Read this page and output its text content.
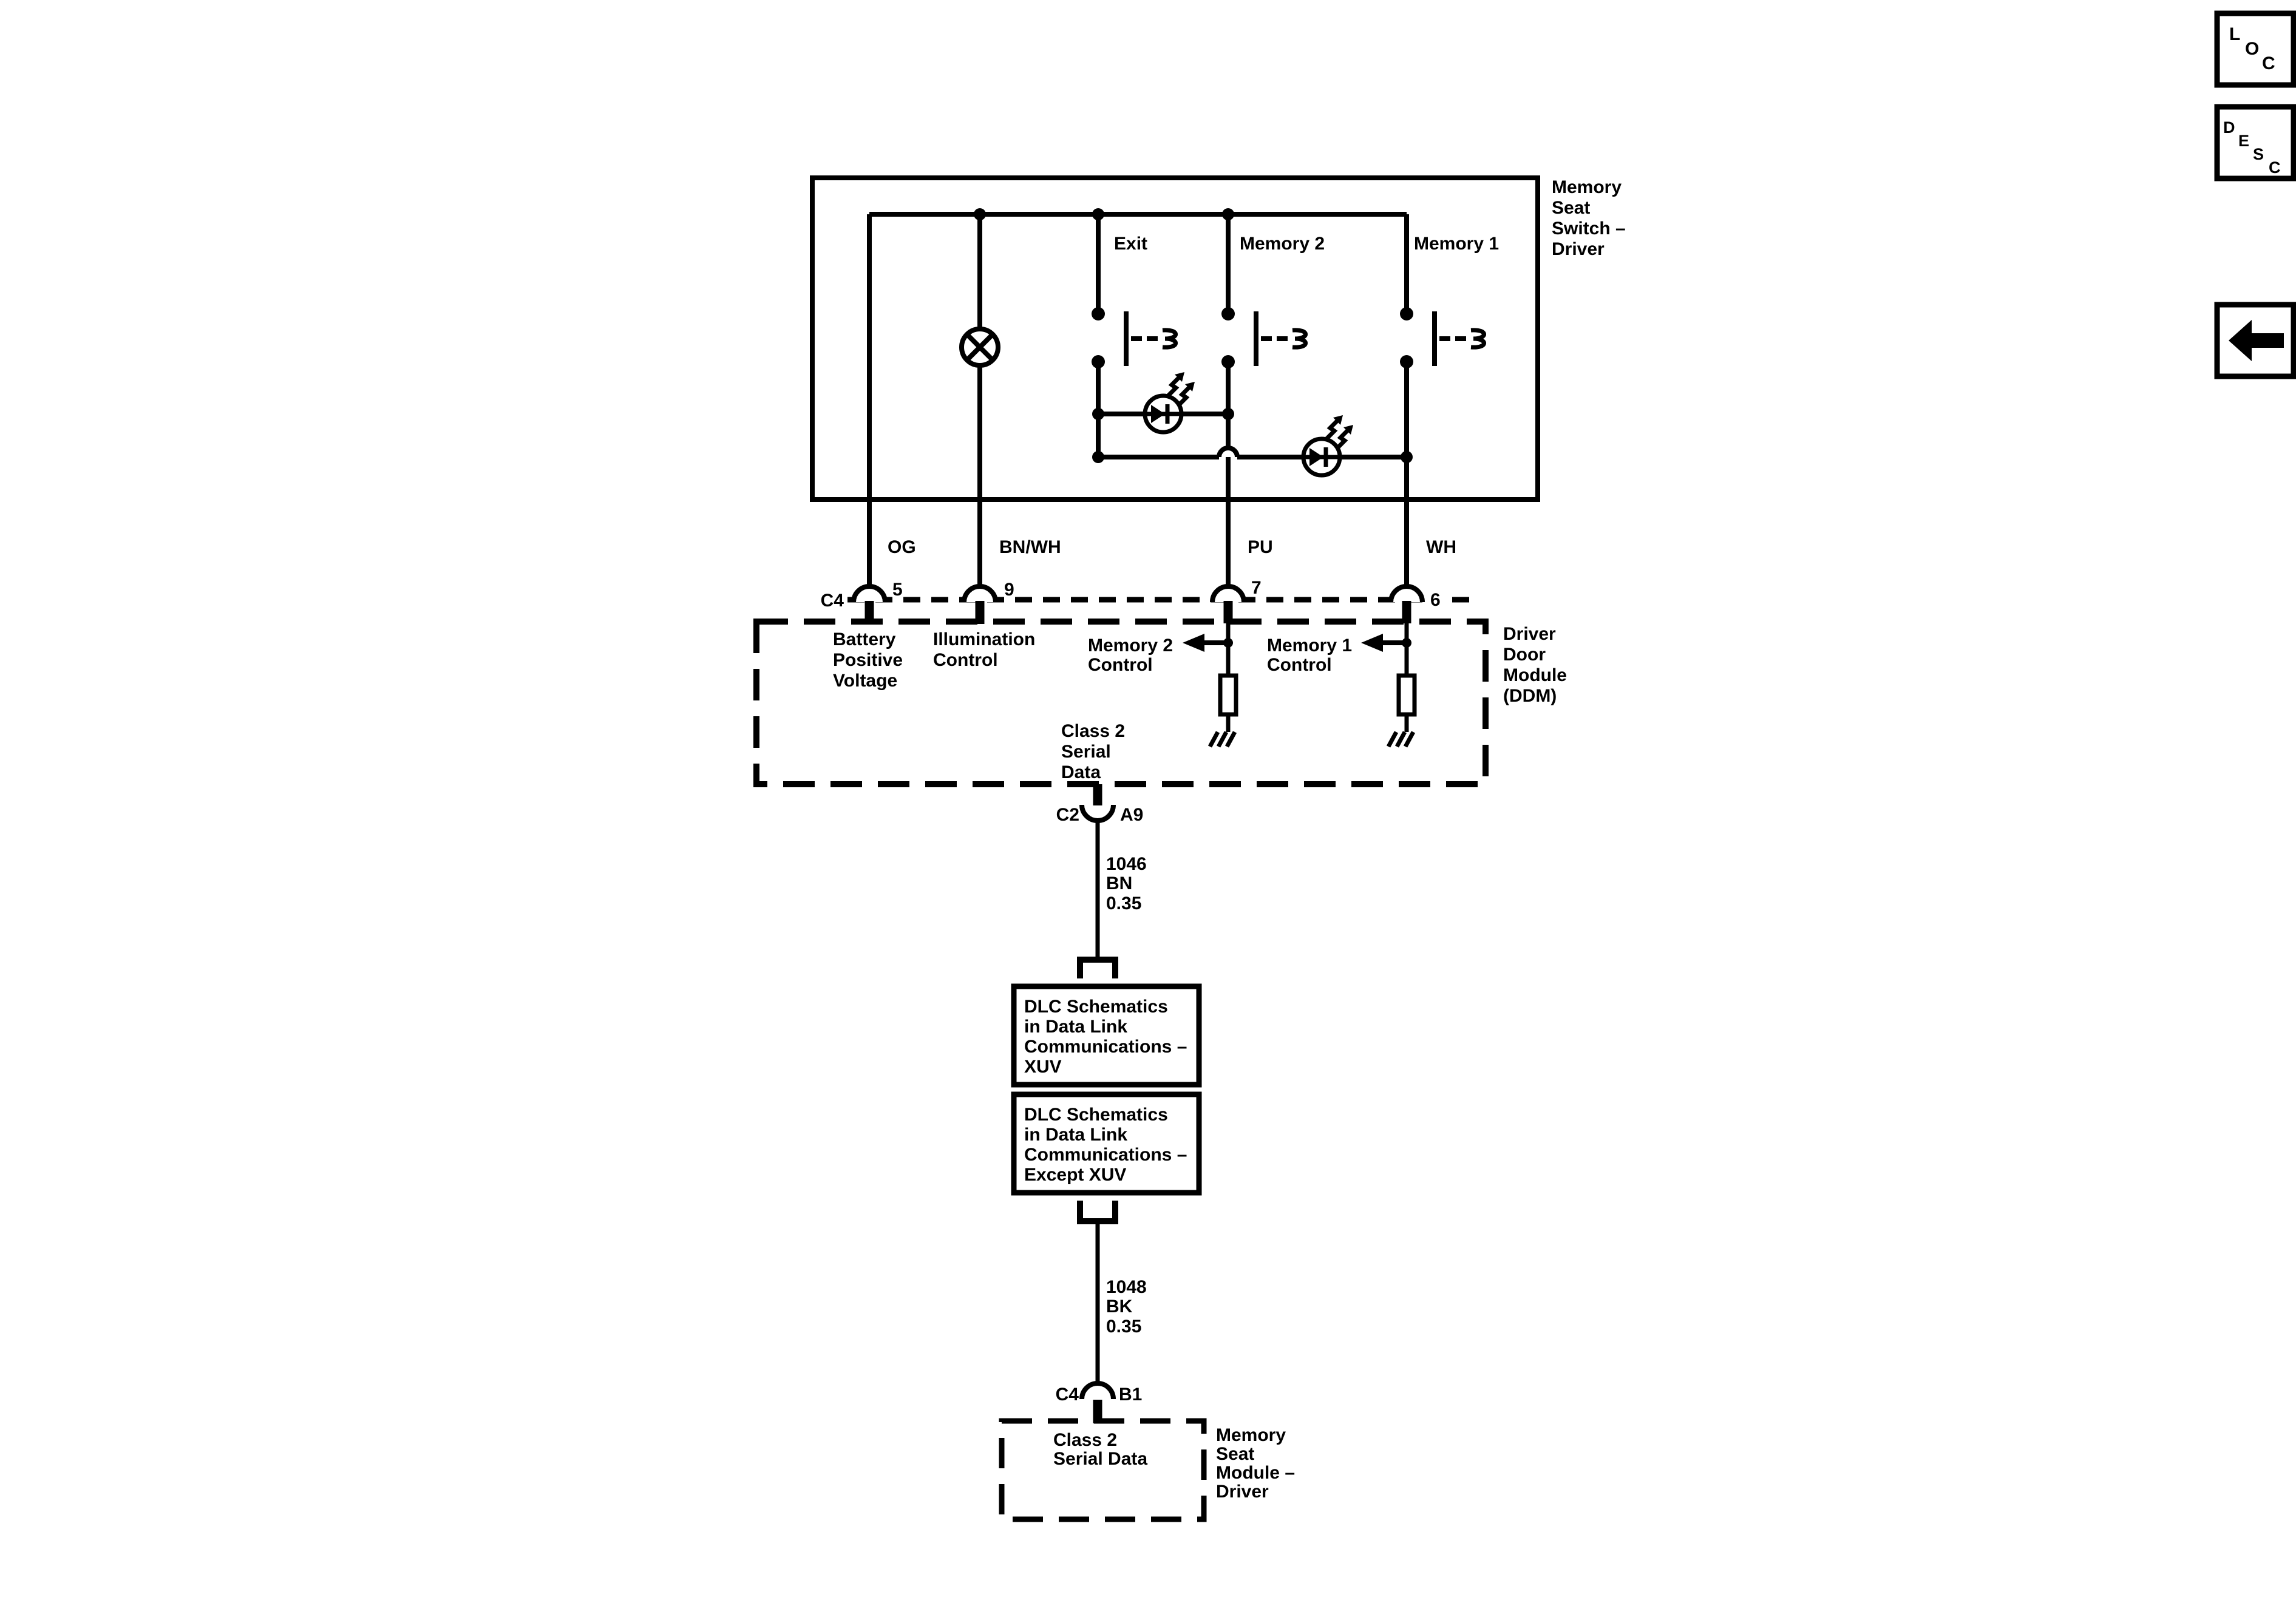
L
O
C
D
E
S
C
Memory
Seat
Switch –
Driver
Exit	Memory 2	Memory 1
OG	BN/WH	PU	WH
C4
5	9	7
6
Driver
Door
Module
(DDM)
Battery
Positive
Voltage
Illumination
Control
Memory 2
Control
Memory 1
Control
Class 2
Serial
Data
C2 A9
1046
BN
0.35
DLC Schematics
in Data Link
Communications –
XUV
DLC Schematics
in Data Link
Communications –
Except XUV
1048
BK
0.35
C4 B1
Class 2
Serial Data
Memory
Seat
Module –
Driver
